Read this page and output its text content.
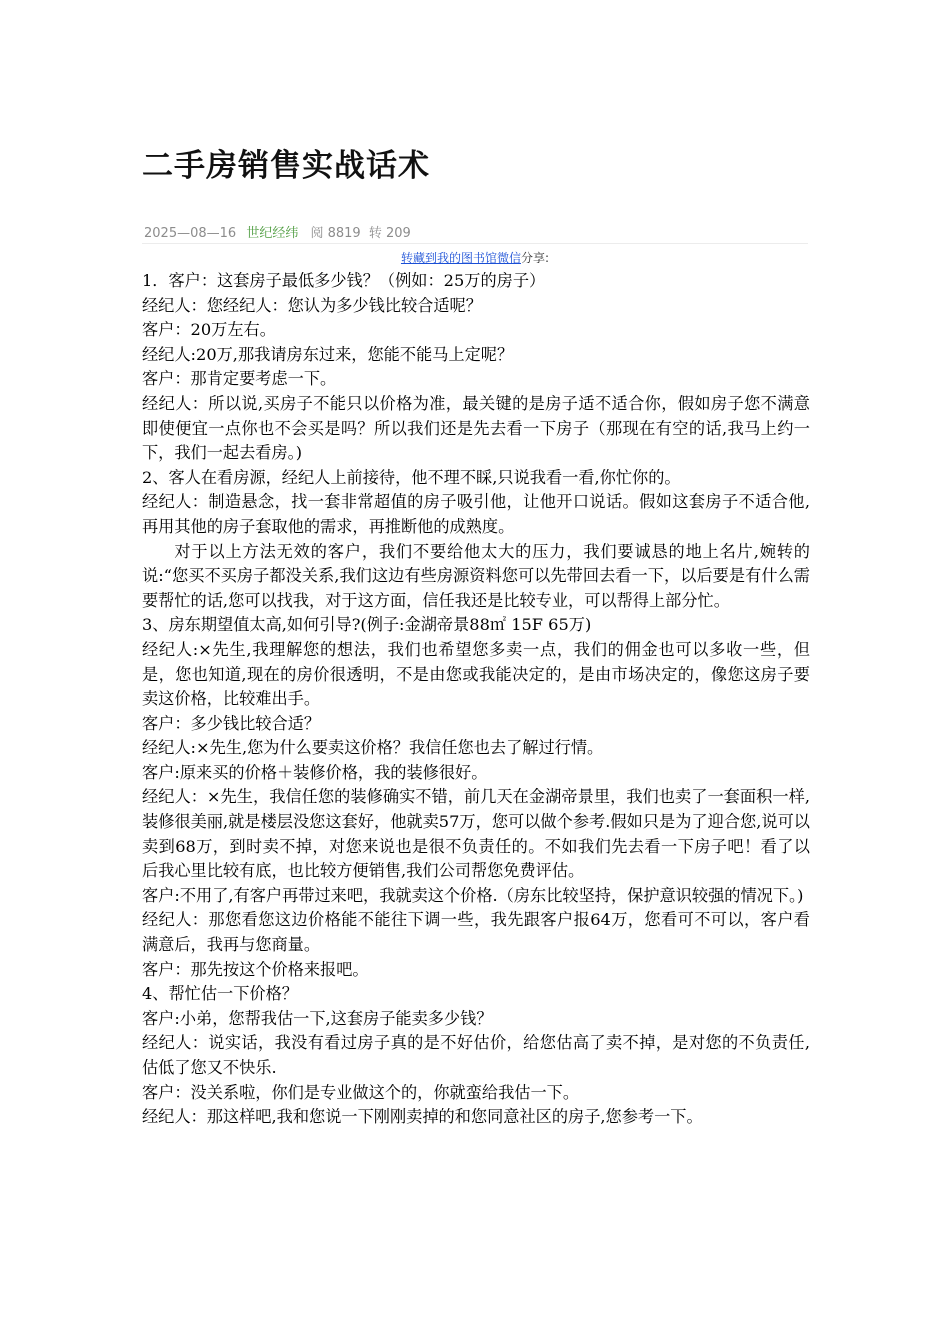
二手房销售实战话术
2025—08—16 世纪经纬 阅 8819 转 209
转藏到我的图书馆微信分享:

1．客户：这套房子最低多少钱？（例如：25万的房子）

经纪人：您经纪人：您认为多少钱比较合适呢？

客户：20万左右。

经纪人:20万,那我请房东过来，您能不能马上定呢？

客户：那肯定要考虑一下。

经纪人：所以说,买房子不能只以价格为准，最关键的是房子适不适合你，假如房子您不满意即使便宜一点你也不会买是吗？所以我们还是先去看一下房子（那现在有空的话,我马上约一下，我们一起去看房。)

2、客人在看房源，经纪人上前接待，他不理不睬,只说我看一看,你忙你的。

经纪人：制造悬念，找一套非常超值的房子吸引他，让他开口说话。假如这套房子不适合他,再用其他的房子套取他的需求，再推断他的成熟度。

对于以上方法无效的客户，我们不要给他太大的压力，我们要诚恳的地上名片,婉转的说:“您买不买房子都没关系,我们这边有些房源资料您可以先带回去看一下，以后要是有什么需要帮忙的话,您可以找我，对于这方面，信任我还是比较专业，可以帮得上部分忙。

3、房东期望值太高,如何引导?(例子:金湖帝景88㎡ 15F 65万)

经纪人:×先生,我理解您的想法，我们也希望您多卖一点，我们的佣金也可以多收一些，但是，您也知道,现在的房价很透明，不是由您或我能决定的，是由市场决定的，像您这房子要卖这价格，比较难出手。

客户：多少钱比较合适？

经纪人:×先生,您为什么要卖这价格？我信任您也去了解过行情。

客户:原来买的价格＋装修价格，我的装修很好。

经纪人：×先生，我信任您的装修确实不错，前几天在金湖帝景里，我们也卖了一套面积一样,装修很美丽,就是楼层没您这套好，他就卖57万，您可以做个参考.假如只是为了迎合您,说可以卖到68万，到时卖不掉，对您来说也是很不负责任的。不如我们先去看一下房子吧！看了以后我心里比较有底，也比较方便销售,我们公司帮您免费评估。

客户:不用了,有客户再带过来吧，我就卖这个价格.（房东比较坚持，保护意识较强的情况下。)

经纪人：那您看您这边价格能不能往下调一些，我先跟客户报64万，您看可不可以，客户看满意后，我再与您商量。

客户：那先按这个价格来报吧。

4、帮忙估一下价格？

客户:小弟，您帮我估一下,这套房子能卖多少钱？

经纪人：说实话，我没有看过房子真的是不好估价，给您估高了卖不掉，是对您的不负责任,估低了您又不快乐.

客户：没关系啦，你们是专业做这个的，你就蛮给我估一下。

经纪人：那这样吧,我和您说一下刚刚卖掉的和您同意社区的房子,您参考一下。
